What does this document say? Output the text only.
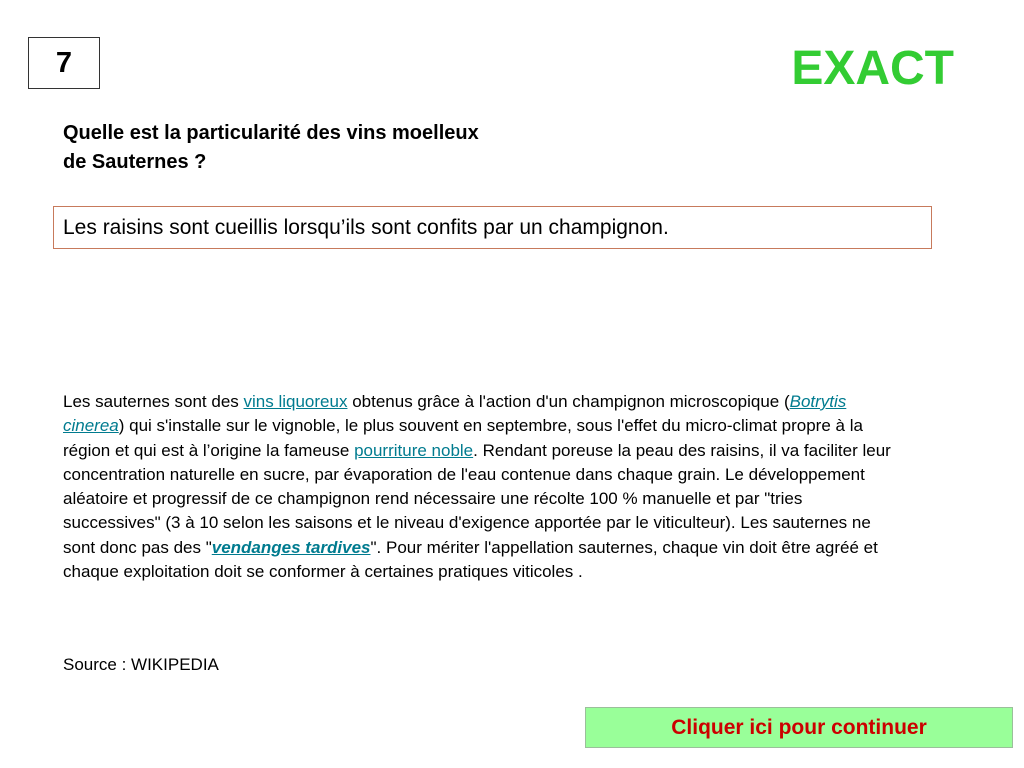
7	EXACT
Quelle est la particularité des vins moelleux
de Sauternes ?
Les raisins sont cueillis lorsqu’ils sont confits par un champignon.
Les sauternes sont des vins liquoreux obtenus grâce à l'action d'un champignon microscopique (Botrytis cinerea) qui s'installe sur le vignoble, le plus souvent en septembre, sous l'effet du micro-climat propre à la région et qui est à l’origine la fameuse pourriture noble. Rendant poreuse la peau des raisins, il va faciliter leur concentration naturelle en sucre, par évaporation de l'eau contenue dans chaque grain. Le développement aléatoire et progressif de ce champignon rend nécessaire une récolte 100 % manuelle et par "tries successives" (3 à 10 selon les saisons et le niveau d'exigence apportée par le viticulteur). Les sauternes ne sont donc pas des "vendanges tardives". Pour mériter l'appellation sauternes, chaque vin doit être agréé et chaque exploitation doit se conformer à certaines pratiques viticoles .
Source : WIKIPEDIA
Cliquer ici pour continuer
